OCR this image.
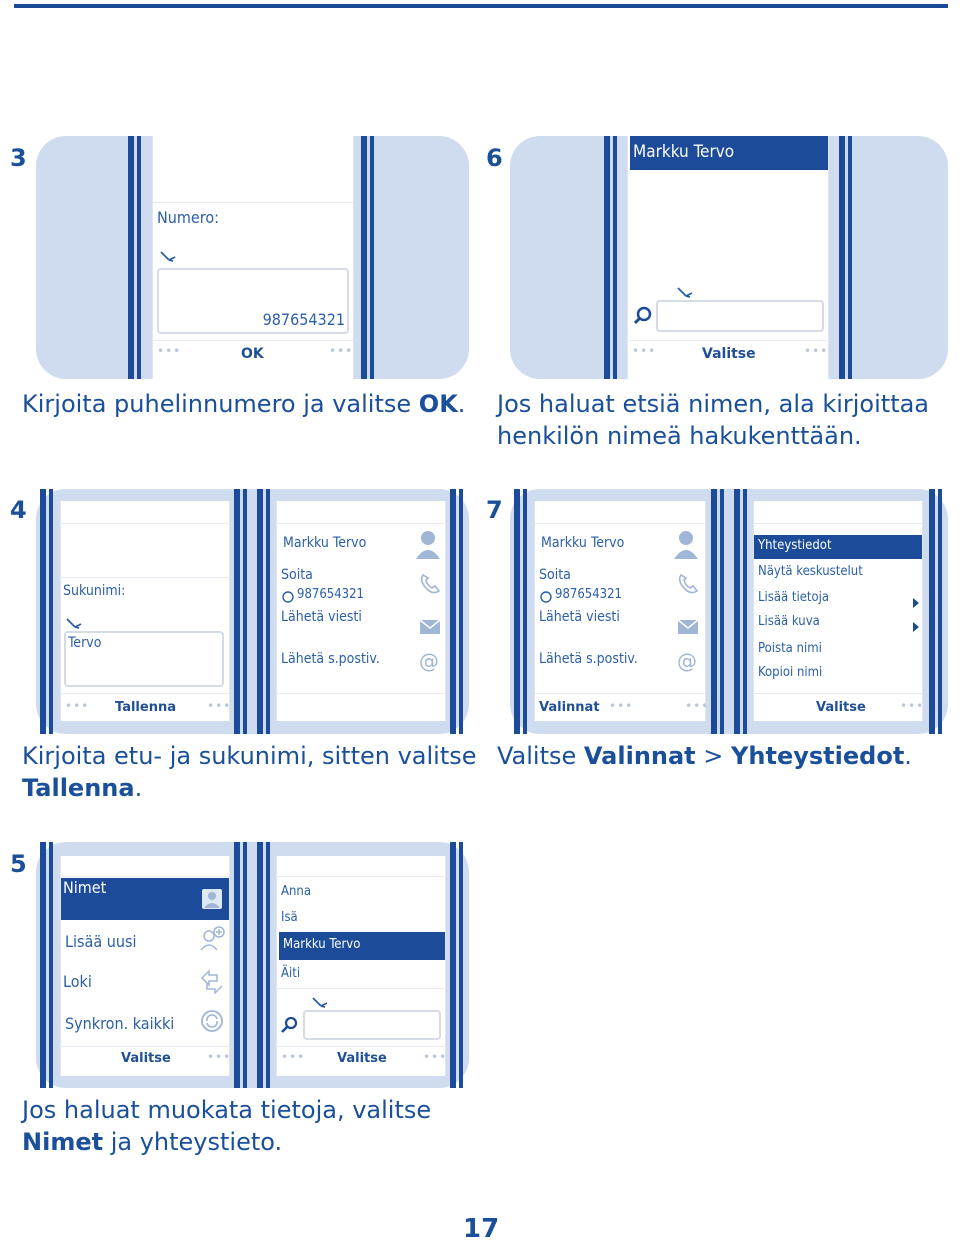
3
Numero:
987654321
•••	OK	•••
Kirjoita puhelinnumero ja valitse OK.
6	Markku Tervo
•••	Valitse	•••
Jos haluat etsiä nimen, ala kirjoittaa
henkilön nimeä hakukenttään.
4
Sukunimi:
Tervo
••• Tallenna	•••
Markku Tervo
Soita
987654321
Lähetä viesti
Lähetä s.postiv. @
Kirjoita etu- ja sukunimi, sitten valitse
Tallenna.
7
Markku Tervo
Soita
987654321
Lähetä viesti
Lähetä s.postiv. @
Valinnat •••	•••
Yhteystiedot
Näytä keskustelut
Lisää tietoja
Lisää kuva
Poista nimi
Kopioi nimi
Valitse	•••
Valitse Valinnat > Yhteystiedot.
5
Nimet
Lisää uusi
Loki
Synkron. kaikki
Valitse	•••
Anna
Isä
Markku Tervo
Äiti
••• Valitse	•••
Jos haluat muokata tietoja, valitse
Nimet ja yhteystieto.
17
